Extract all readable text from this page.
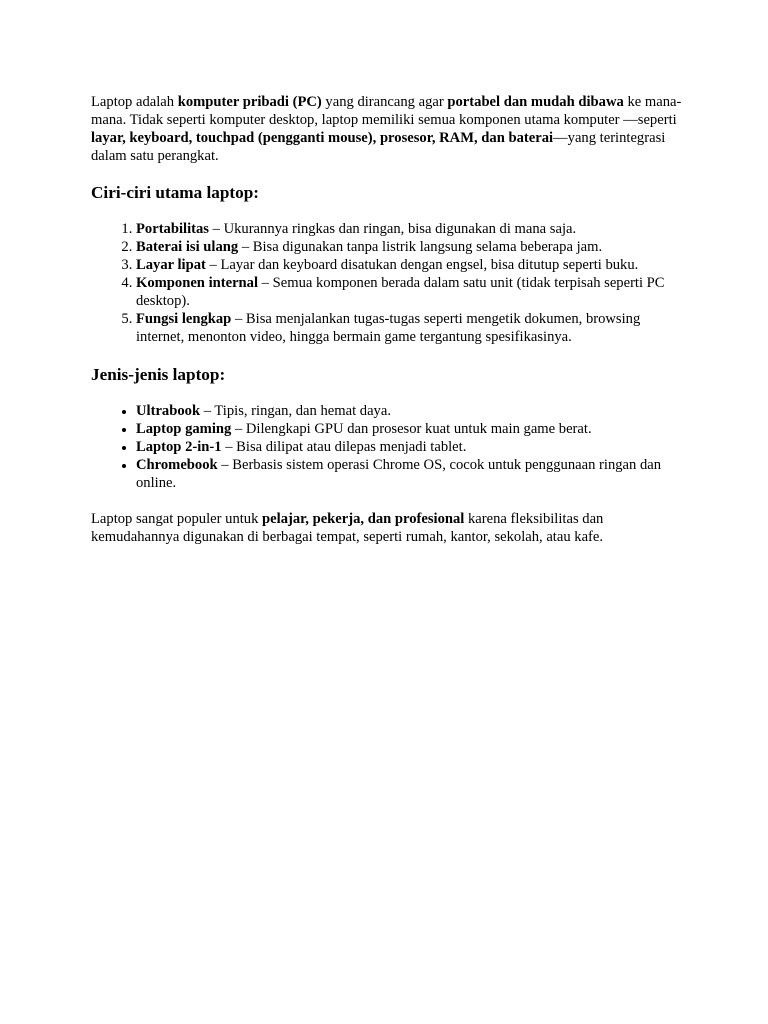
Laptop adalah komputer pribadi (PC) yang dirancang agar portabel dan mudah dibawa ke mana-mana. Tidak seperti komputer desktop, laptop memiliki semua komponen utama komputer —seperti layar, keyboard, touchpad (pengganti mouse), prosesor, RAM, dan baterai—yang terintegrasi dalam satu perangkat.

Ciri-ciri utama laptop:
1. Portabilitas – Ukurannya ringkas dan ringan, bisa digunakan di mana saja.
2. Baterai isi ulang – Bisa digunakan tanpa listrik langsung selama beberapa jam.
3. Layar lipat – Layar dan keyboard disatukan dengan engsel, bisa ditutup seperti buku.
4. Komponen internal – Semua komponen berada dalam satu unit (tidak terpisah seperti PC desktop).
5. Fungsi lengkap – Bisa menjalankan tugas-tugas seperti mengetik dokumen, browsing internet, menonton video, hingga bermain game tergantung spesifikasinya.
Jenis-jenis laptop:
• Ultrabook – Tipis, ringan, dan hemat daya.
• Laptop gaming – Dilengkapi GPU dan prosesor kuat untuk main game berat.
• Laptop 2-in-1 – Bisa dilipat atau dilepas menjadi tablet.
• Chromebook – Berbasis sistem operasi Chrome OS, cocok untuk penggunaan ringan dan online.

Laptop sangat populer untuk pelajar, pekerja, dan profesional karena fleksibilitas dan kemudahannya digunakan di berbagai tempat, seperti rumah, kantor, sekolah, atau kafe.
